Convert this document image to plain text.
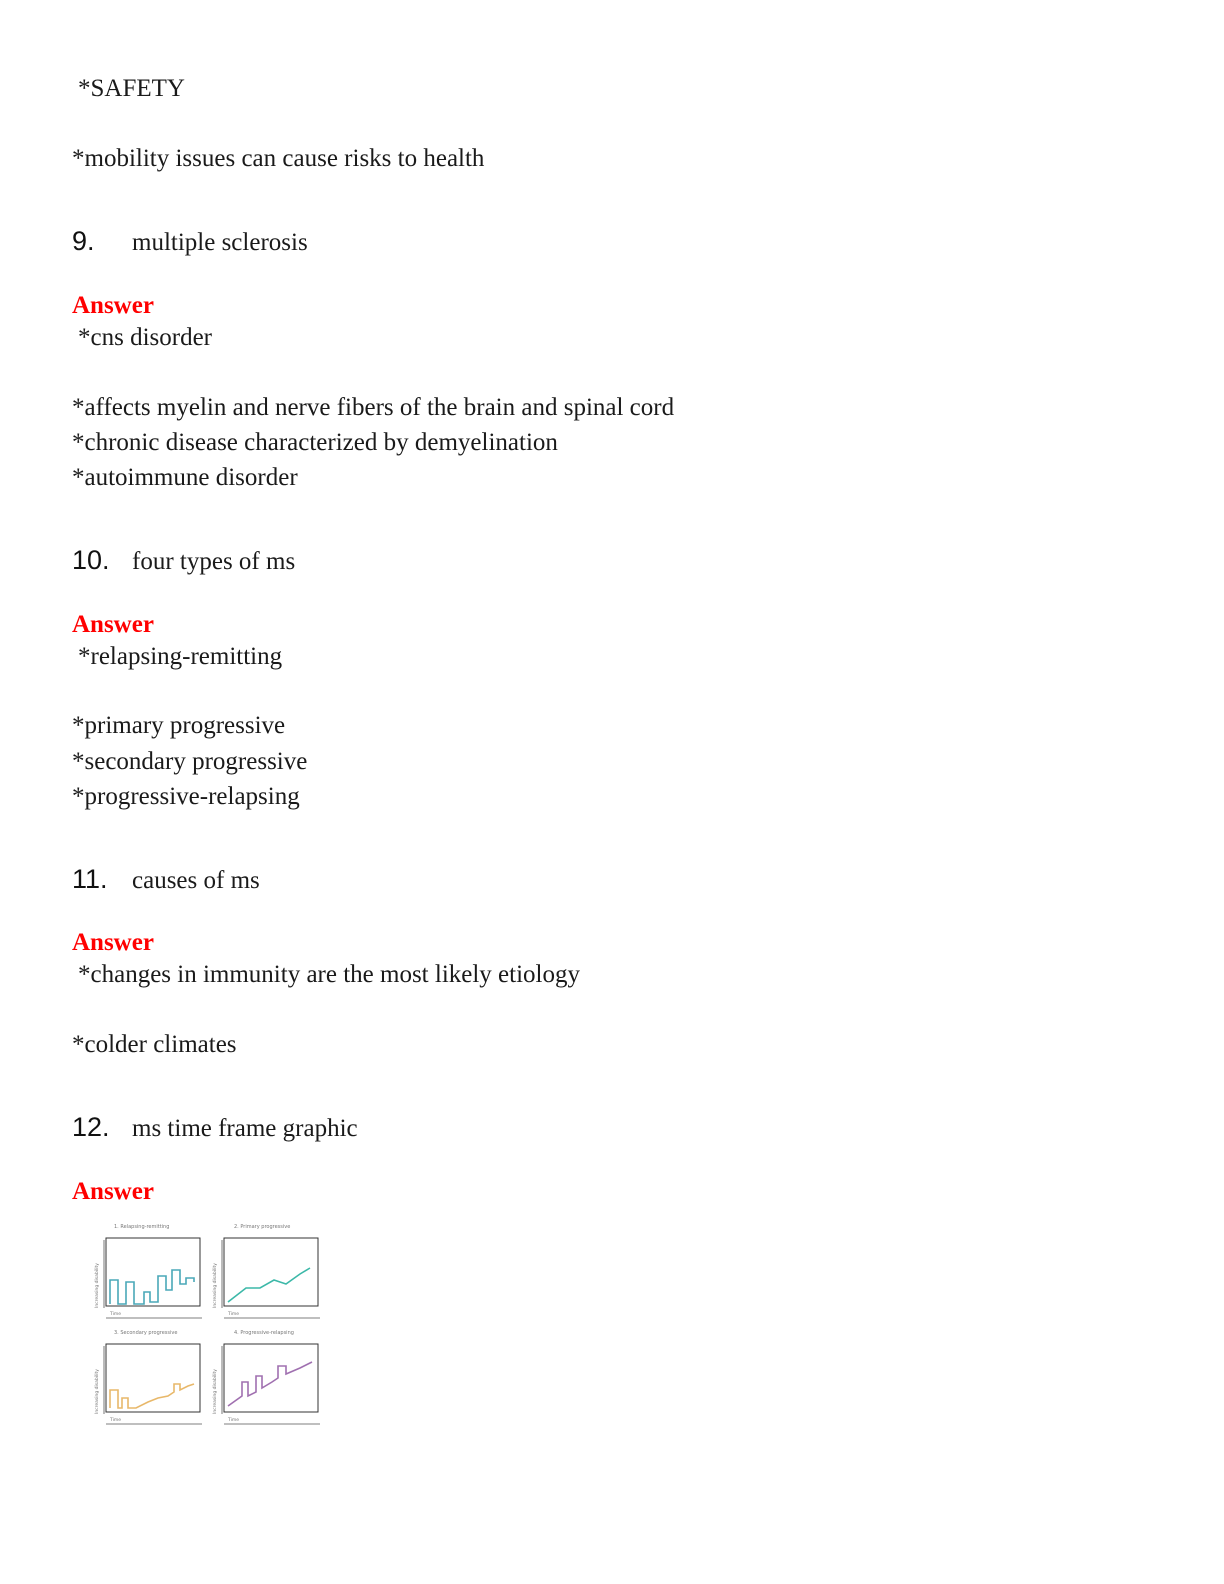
*SAFETY
*mobility issues can cause risks to health
9. multiple sclerosis
Answer
*cns disorder
*affects myelin and nerve fibers of the brain and spinal cord
*chronic disease characterized by demyelination
*autoimmune disorder
10. four types of ms
Answer
*relapsing-remitting
*primary progressive
*secondary progressive
*progressive-relapsing
11. causes of ms
Answer
*changes in immunity are the most likely etiology
*colder climates
12. ms time frame graphic
Answer
1. Relapsing-remitting
Increasing disability
Time
2. Primary progressive
Increasing disability
Time
3. Secondary progressive
Increasing disability
Time
4. Progressive-relapsing
Increasing disability
Time
